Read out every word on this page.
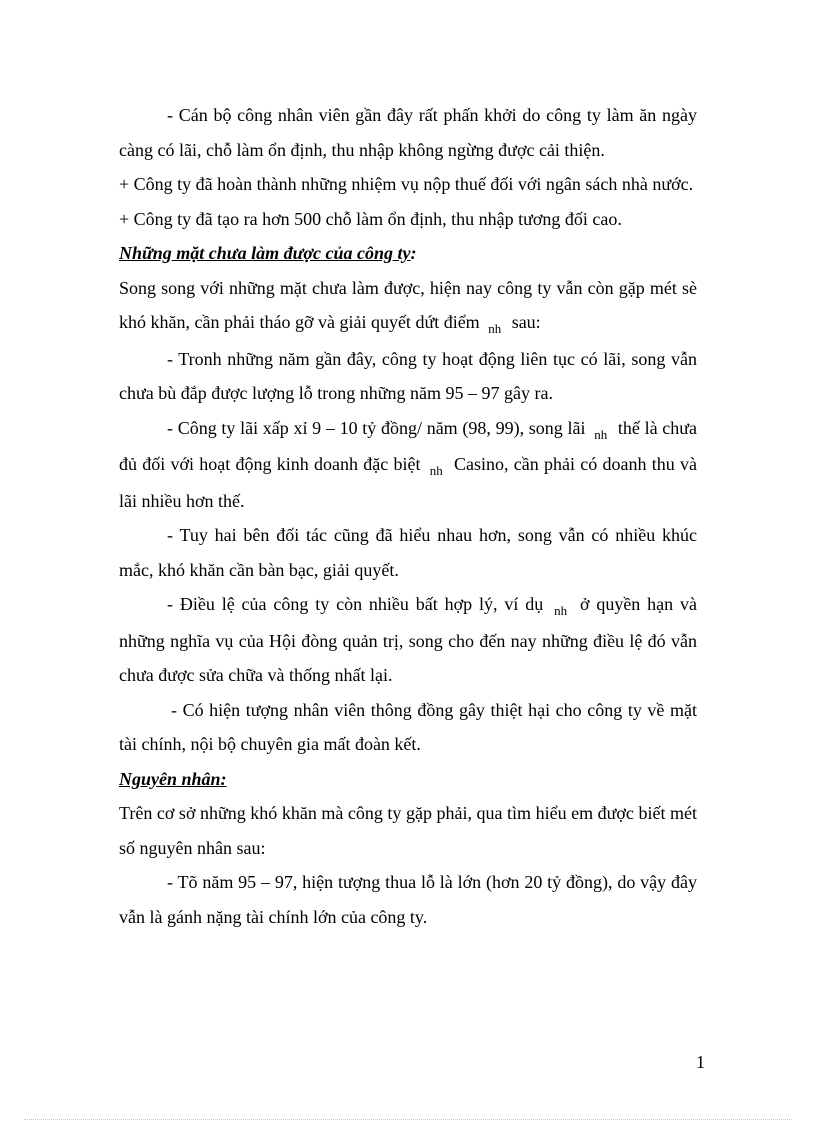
- Cán bộ công nhân viên gần đây rất phấn khởi do công ty làm ăn ngày càng có lãi, chỗ làm ổn định, thu nhập không ngừng được cải thiện.

+ Công ty đã hoàn thành những nhiệm vụ nộp thuế đối với ngân sách nhà nước.

+ Công ty đã tạo ra hơn 500 chỗ làm ổn định, thu nhập tương đối cao.

Những mặt chưa làm được của công ty:

Song song với những mặt chưa làm được, hiện nay công ty vẫn còn gặp mét sè khó khăn, cần phải tháo gỡ và giải quyết dứt điểm $_{nh}$ sau:

- Tronh những năm gần đây, công ty hoạt động liên tục có lãi, song vẫn chưa bù đắp được lượng lỗ trong những năm 95 – 97 gây ra.

- Công ty lãi xấp xỉ 9 – 10 tỷ đồng/ năm (98, 99), song lãi $_{nh}$ thế là chưa đủ đối với hoạt động kinh doanh đặc biệt $_{nh}$ Casino, cần phải có doanh thu và lãi nhiều hơn thế.

- Tuy hai bên đối tác cũng đã hiểu nhau hơn, song vẫn có nhiều khúc mắc, khó khăn cần bàn bạc, giải quyết.

- Điều lệ của công ty còn nhiều bất hợp lý, ví dụ $_{nh}$ ở quyền hạn và những nghĩa vụ của Hội đòng quản trị, song cho đến nay những điều lệ đó vẫn chưa được sửa chữa và thống nhất lại.

- Có hiện tượng nhân viên thông đồng gây thiệt hại cho công ty về mặt tài chính, nội bộ chuyên gia mất đoàn kết.

Nguyên nhân:

Trên cơ sở những khó khăn mà công ty gặp phải, qua tìm hiểu em được biết mét số nguyên nhân sau:

- Tõ năm 95 – 97, hiện tượng thua lỗ là lớn (hơn 20 tỷ đồng), do vậy đây vẫn là gánh nặng tài chính lớn của công ty.

1
